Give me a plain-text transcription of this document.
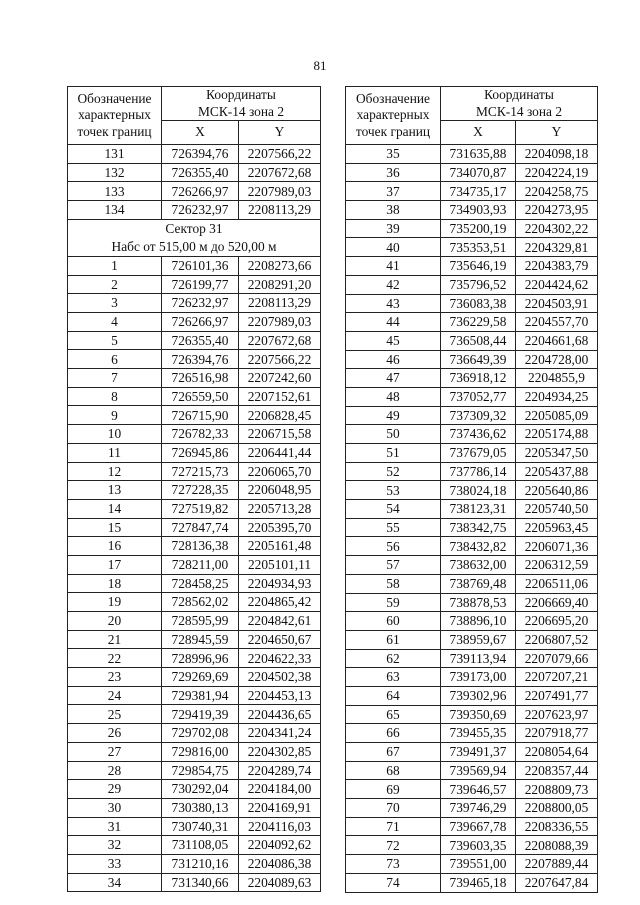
81
Обозначение
характерных
точек границ	Координаты
МСК-14 зона 2	
	X	Y
131	726394,76	2207566,22
132	726355,40	2207672,68
133	726266,97	2207989,03
134	726232,97	2208113,29
Сектор 31
Набс от 515,00 м до 520,00 м		
1	726101,36	2208273,66
2	726199,77	2208291,20
3	726232,97	2208113,29
4	726266,97	2207989,03
5	726355,40	2207672,68
6	726394,76	2207566,22
7	726516,98	2207242,60
8	726559,50	2207152,61
9	726715,90	2206828,45
10	726782,33	2206715,58
11	726945,86	2206441,44
12	727215,73	2206065,70
13	727228,35	2206048,95
14	727519,82	2205713,28
15	727847,74	2205395,70
16	728136,38	2205161,48
17	728211,00	2205101,11
18	728458,25	2204934,93
19	728562,02	2204865,42
20	728595,99	2204842,61
21	728945,59	2204650,67
22	728996,96	2204622,33
23	729269,69	2204502,38
24	729381,94	2204453,13
25	729419,39	2204436,65
26	729702,08	2204341,24
27	729816,00	2204302,85
28	729854,75	2204289,74
29	730292,04	2204184,00
30	730380,13	2204169,91
31	730740,31	2204116,03
32	731108,05	2204092,62
33	731210,16	2204086,38
34	731340,66	2204089,63
Обозначение
характерных
точек границ	Координаты
МСК-14 зона 2	
	X	Y
35	731635,88	2204098,18
36	734070,87	2204224,19
37	734735,17	2204258,75
38	734903,93	2204273,95
39	735200,19	2204302,22
40	735353,51	2204329,81
41	735646,19	2204383,79
42	735796,52	2204424,62
43	736083,38	2204503,91
44	736229,58	2204557,70
45	736508,44	2204661,68
46	736649,39	2204728,00
47	736918,12	2204855,9
48	737052,77	2204934,25
49	737309,32	2205085,09
50	737436,62	2205174,88
51	737679,05	2205347,50
52	737786,14	2205437,88
53	738024,18	2205640,86
54	738123,31	2205740,50
55	738342,75	2205963,45
56	738432,82	2206071,36
57	738632,00	2206312,59
58	738769,48	2206511,06
59	738878,53	2206669,40
60	738896,10	2206695,20
61	738959,67	2206807,52
62	739113,94	2207079,66
63	739173,00	2207207,21
64	739302,96	2207491,77
65	739350,69	2207623,97
66	739455,35	2207918,77
67	739491,37	2208054,64
68	739569,94	2208357,44
69	739646,57	2208809,73
70	739746,29	2208800,05
71	739667,78	2208336,55
72	739603,35	2208088,39
73	739551,00	2207889,44
74	739465,18	2207647,84
